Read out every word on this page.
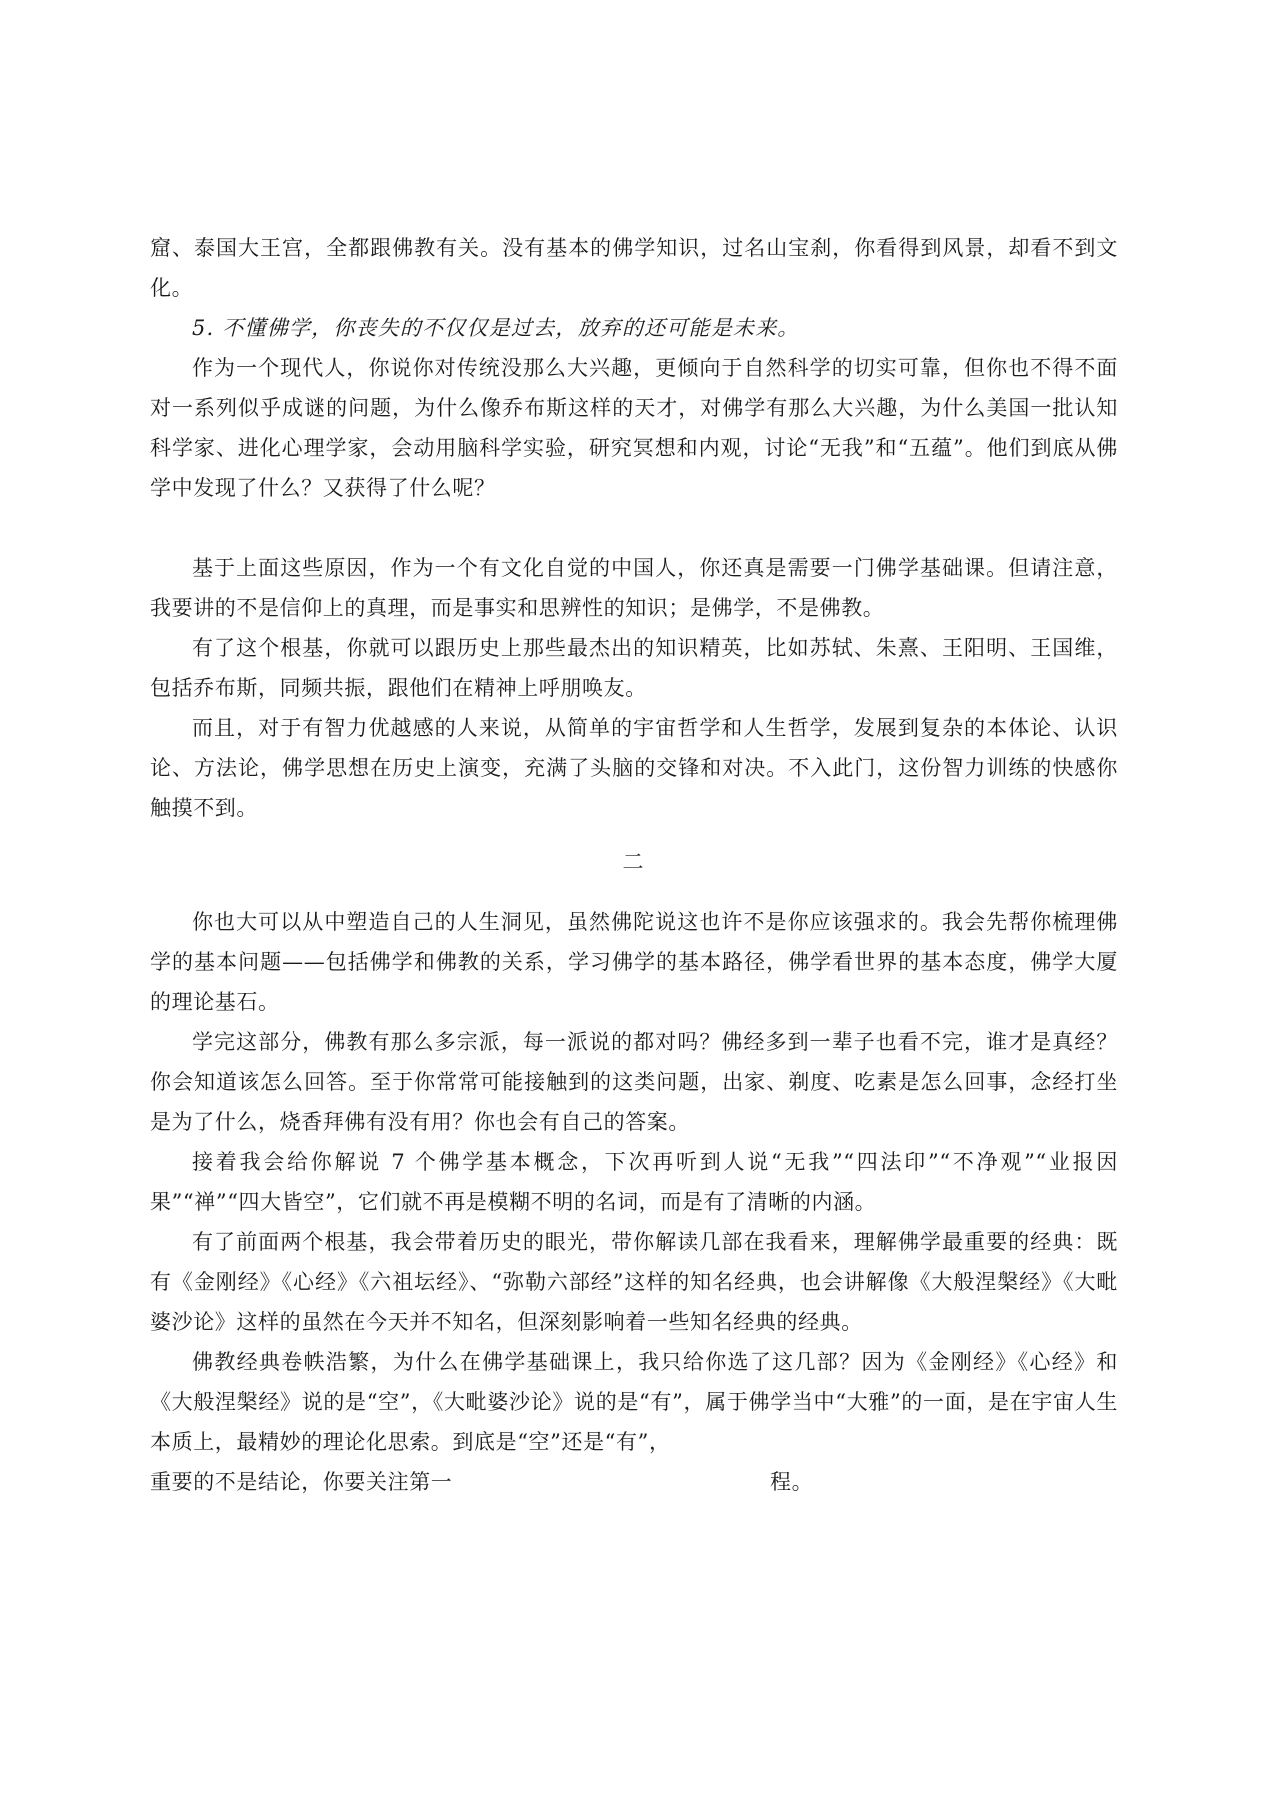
窟、泰国大王宫，全都跟佛教有关。没有基本的佛学知识，过名山宝刹，你看得到风景，却看不到文化。

5. 不懂佛学，你丧失的不仅仅是过去，放弃的还可能是未来。

作为一个现代人，你说你对传统没那么大兴趣，更倾向于自然科学的切实可靠，但你也不得不面对一系列似乎成谜的问题，为什么像乔布斯这样的天才，对佛学有那么大兴趣，为什么美国一批认知科学家、进化心理学家，会动用脑科学实验，研究冥想和内观，讨论“无我”和“五蕴”。他们到底从佛学中发现了什么？又获得了什么呢？

基于上面这些原因，作为一个有文化自觉的中国人，你还真是需要一门佛学基础课。但请注意，我要讲的不是信仰上的真理，而是事实和思辨性的知识；是佛学，不是佛教。

有了这个根基，你就可以跟历史上那些最杰出的知识精英，比如苏轼、朱熹、王阳明、王国维，包括乔布斯，同频共振，跟他们在精神上呼朋唤友。

而且，对于有智力优越感的人来说，从简单的宇宙哲学和人生哲学，发展到复杂的本体论、认识论、方法论，佛学思想在历史上演变，充满了头脑的交锋和对决。不入此门，这份智力训练的快感你触摸不到。

二

你也大可以从中塑造自己的人生洞见，虽然佛陀说这也许不是你应该强求的。我会先帮你梳理佛学的基本问题——包括佛学和佛教的关系，学习佛学的基本路径，佛学看世界的基本态度，佛学大厦的理论基石。

学完这部分，佛教有那么多宗派，每一派说的都对吗？佛经多到一辈子也看不完，谁才是真经？你会知道该怎么回答。至于你常常可能接触到的这类问题，出家、剃度、吃素是怎么回事，念经打坐是为了什么，烧香拜佛有没有用？你也会有自己的答案。

接着我会给你解说 7 个佛学基本概念，下次再听到人说“无我”“四法印”“不净观”“业报因果”“禅”“四大皆空”，它们就不再是模糊不明的名词，而是有了清晰的内涵。

有了前面两个根基，我会带着历史的眼光，带你解读几部在我看来，理解佛学最重要的经典：既有《金刚经》《心经》《六祖坛经》、“弥勒六部经”这样的知名经典，也会讲解像《大般涅槃经》《大毗婆沙论》这样的虽然在今天并不知名，但深刻影响着一些知名经典的经典。

佛教经典卷帙浩繁，为什么在佛学基础课上，我只给你选了这几部？因为《金刚经》《心经》和《大般涅槃经》说的是“空”，《大毗婆沙论》说的是“有”，属于佛学当中“大雅”的一面，是在宇宙人生本质上，最精妙的理论化思索。到底是“空”还是“有”，

重要的不是结论，你要关注第一	程。
